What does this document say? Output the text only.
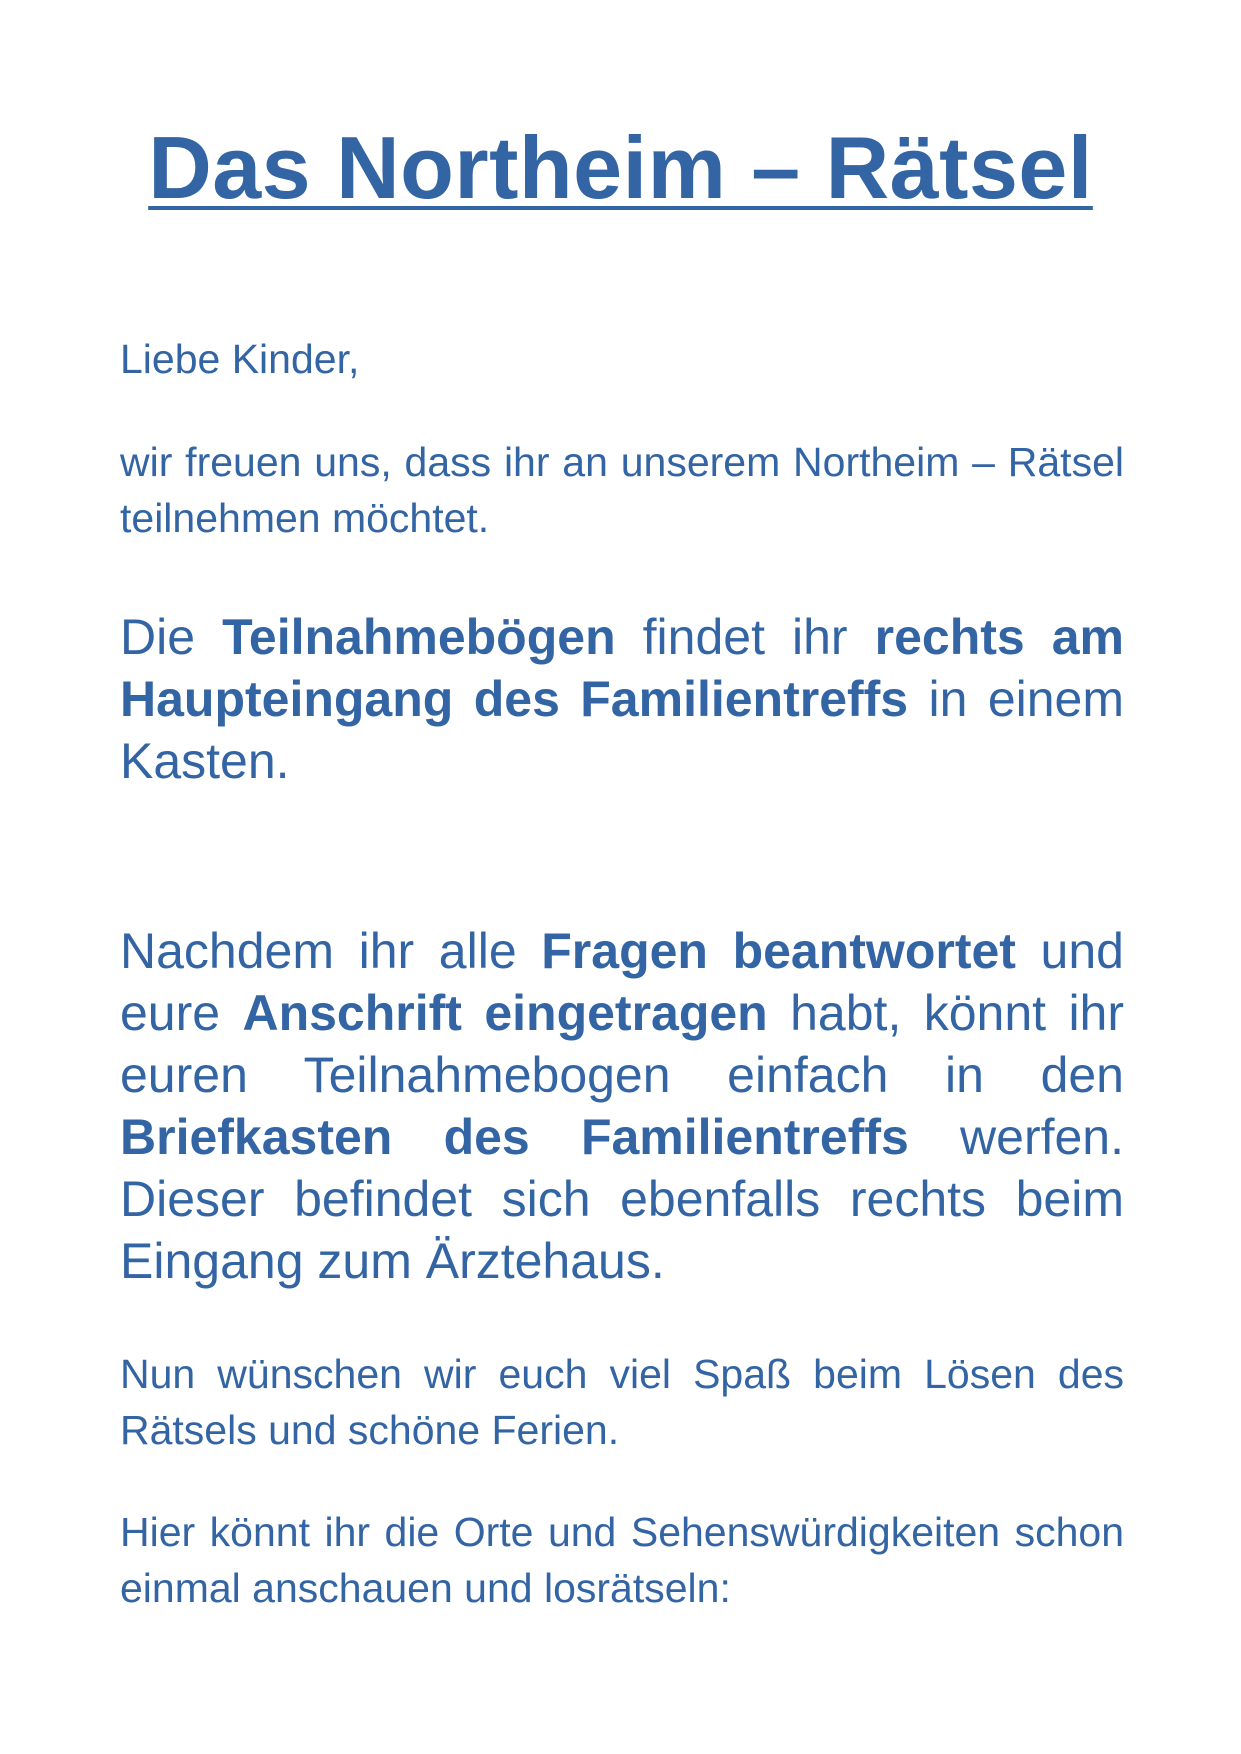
Das Northeim – Rätsel

Liebe Kinder,

wir freuen uns, dass ihr an unserem Northeim – Rätsel teilnehmen möchtet.

Die Teilnahmebögen findet ihr rechts am Haupteingang des Familientreffs in einem Kasten.

Nachdem ihr alle Fragen beantwortet und eure Anschrift eingetragen habt, könnt ihr euren Teilnahmebogen einfach in den Briefkasten des Familientreffs werfen. Dieser befindet sich ebenfalls rechts beim Eingang zum Ärztehaus.

Nun wünschen wir euch viel Spaß beim Lösen des Rätsels und schöne Ferien.

Hier könnt ihr die Orte und Sehenswürdigkeiten schon einmal anschauen und losrätseln:
